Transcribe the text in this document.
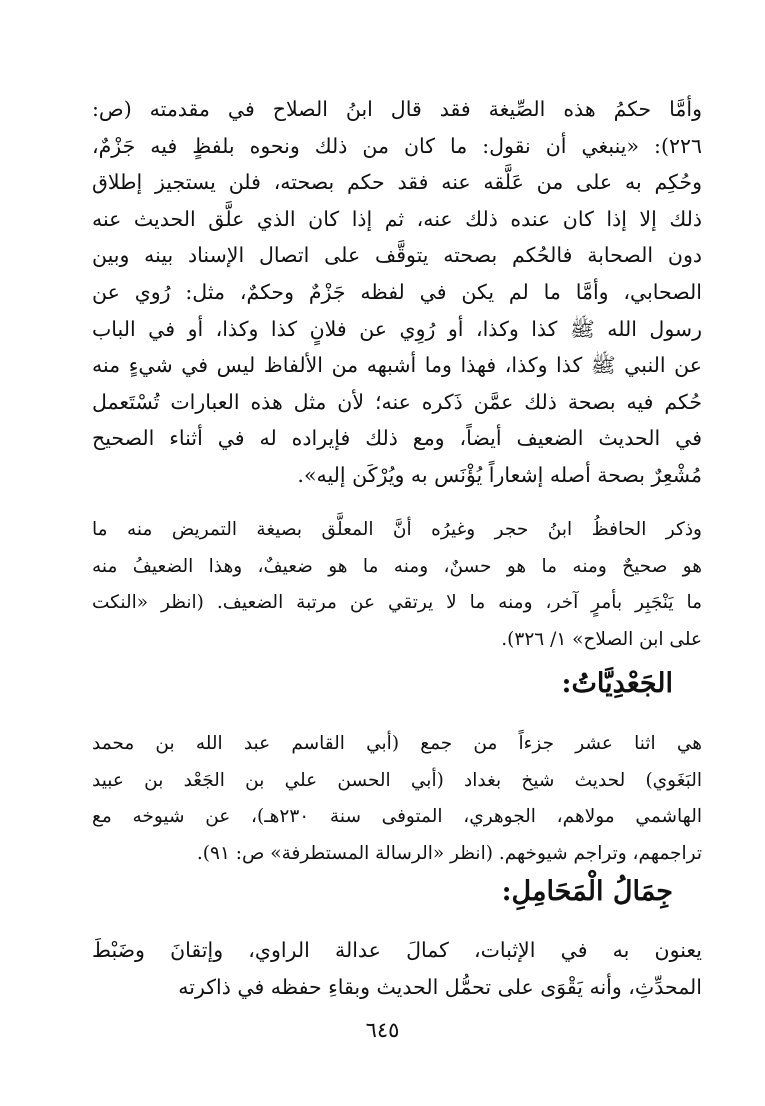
وأمَّا حكمُ هذه الصِّيغة فقد قال ابنُ الصلاح في مقدمته (ص:
٢٢٦): «ينبغي أن نقول: ما كان من ذلك ونحوه بلفظٍ فيه جَزْمٌ،
وحُكِم به على من عَلَّقه عنه فقد حكم بصحته، فلن يستجيز إطلاق
ذلك إلا إذا كان عنده ذلك عنه، ثم إذا كان الذي علَّق الحديث عنه
دون الصحابة فالحُكم بصحته يتوقَّف على اتصال الإسناد بينه وبين
الصحابي، وأمَّا ما لم يكن في لفظه جَزْمٌ وحكمٌ، مثل: رُوي عن
رسول الله ﷺ كذا وكذا، أو رُوِي عن فلانٍ كذا وكذا، أو في الباب
عن النبي ﷺ كذا وكذا، فهذا وما أشبهه من الألفاظ ليس في شيءٍ منه
حُكم فيه بصحة ذلك عمَّن ذَكره عنه؛ لأن مثل هذه العبارات تُسْتَعمل
في الحديث الضعيف أيضاً، ومع ذلك فإيراده له في أثناء الصحيح
مُشْعِرٌ بصحة أصله إشعاراً يُؤْنَس به ويُرْكَن إليه».
وذكر الحافظُ ابنُ حجر وغيرُه أنَّ المعلَّق بصيغة التمريض منه ما
هو صحيحٌ ومنه ما هو حسنٌ، ومنه ما هو ضعيفٌ، وهذا الضعيفُ منه
ما يَنْجَبِر بأمرٍ آخر، ومنه ما لا يرتقي عن مرتبة الضعيف. (انظر «النكت
على ابن الصلاح» ١/ ٣٢٦).
الجَعْدِيَّاتُ:
هي اثنا عشر جزءاً من جمع (أبي القاسم عبد الله بن محمد
البَغَوي) لحديث شيخ بغداد (أبي الحسن علي بن الجَعْد بن عبيد
الهاشمي مولاهم، الجوهري، المتوفى سنة ٢٣٠هـ)، عن شيوخه مع
تراجمهم، وتراجم شيوخهم. (انظر «الرسالة المستطرفة» ص: ٩١).
جِمَالُ الْمَحَامِلِ:
يعنون به في الإثبات، كمالَ عدالة الراوي، وإتقانَ وضَبْطَ
المحدِّثِ، وأنه يَقْوَى على تحمُّل الحديث وبقاءِ حفظه في ذاكرته
٦٤٥
